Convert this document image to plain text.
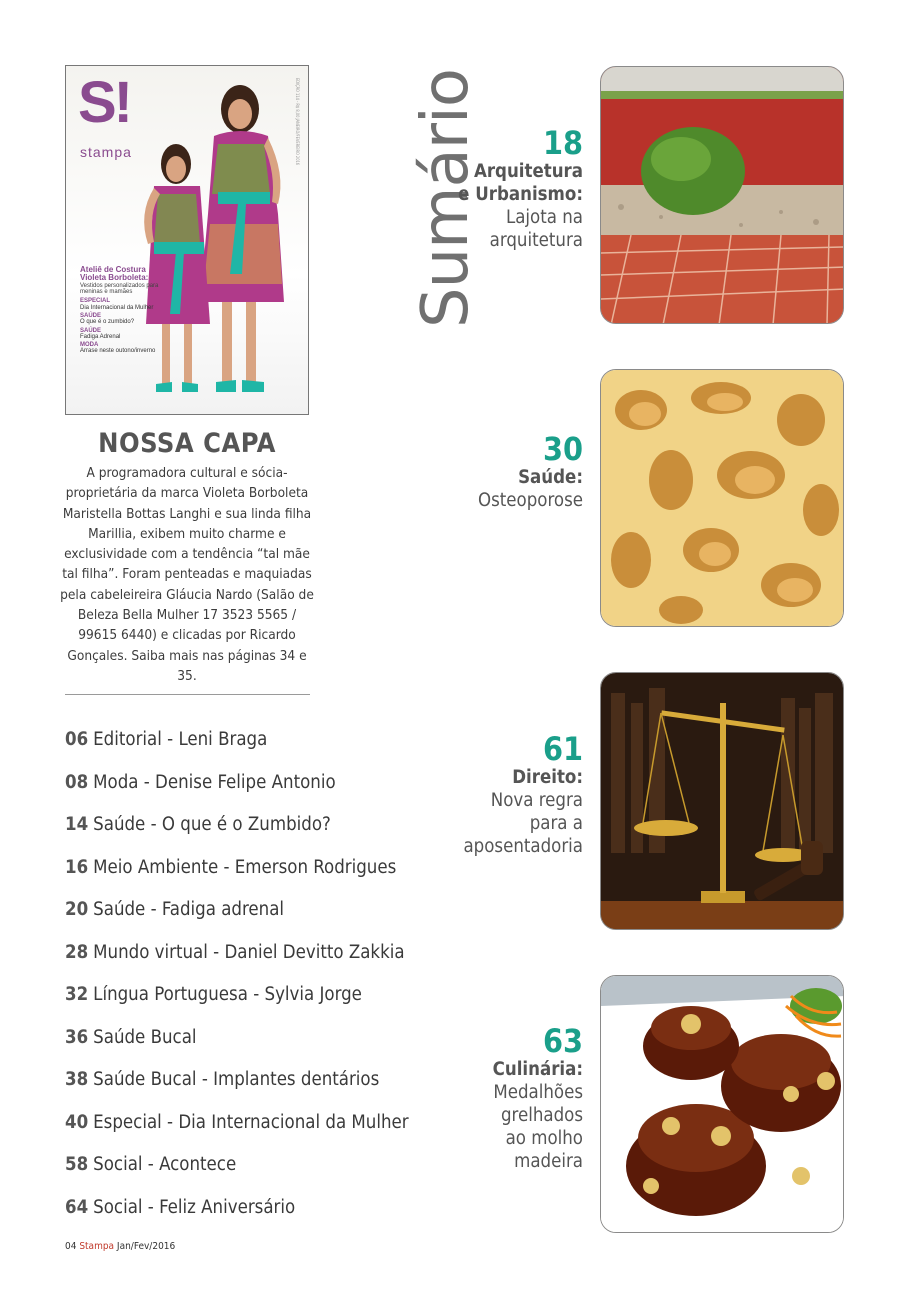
S!
stampa	EDIÇÃO 114 - R$ 8,00 JANEIRO/FEVEREIRO 2016
Ateliê de Costura
Violeta Borboleta:
Vestidos personalizados para meninas e mamães
ESPECIAL
Dia Internacional da Mulher
SAÚDE
O que é o zumbido?
SAÚDE
Fadiga Adrenal
MODA
Arrase neste outono/inverno
NOSSA CAPA
A programadora cultural e sócia-proprietária da marca Violeta Borboleta Maristella Bottas Langhi e sua linda filha Marillia, exibem muito charme e exclusividade com a tendência “tal mãe tal filha”. Foram penteadas e maquiadas pela cabeleireira Gláucia Nardo (Salão de Beleza Bella Mulher 17 3523 5565 / 99615 6440) e clicadas por Ricardo Gonçales. Saiba mais nas páginas 34 e 35.
06 Editorial - Leni Braga
08 Moda - Denise Felipe Antonio
14 Saúde - O que é o Zumbido?
16 Meio Ambiente - Emerson Rodrigues
20 Saúde - Fadiga adrenal
28 Mundo virtual - Daniel Devitto Zakkia
32 Língua Portuguesa - Sylvia Jorge
36 Saúde Bucal
38 Saúde Bucal - Implantes dentários
40 Especial - Dia Internacional da Mulher
58 Social - Acontece
64 Social - Feliz Aniversário
Sumário	18
Arquitetura
e Urbanismo:
Lajota na
arquitetura
30
Saúde:
Osteoporose
61
Direito:
Nova regra
para a
aposentadoria
63
Culinária:
Medalhões
grelhados
ao molho
madeira
04 Stampa Jan/Fev/2016
